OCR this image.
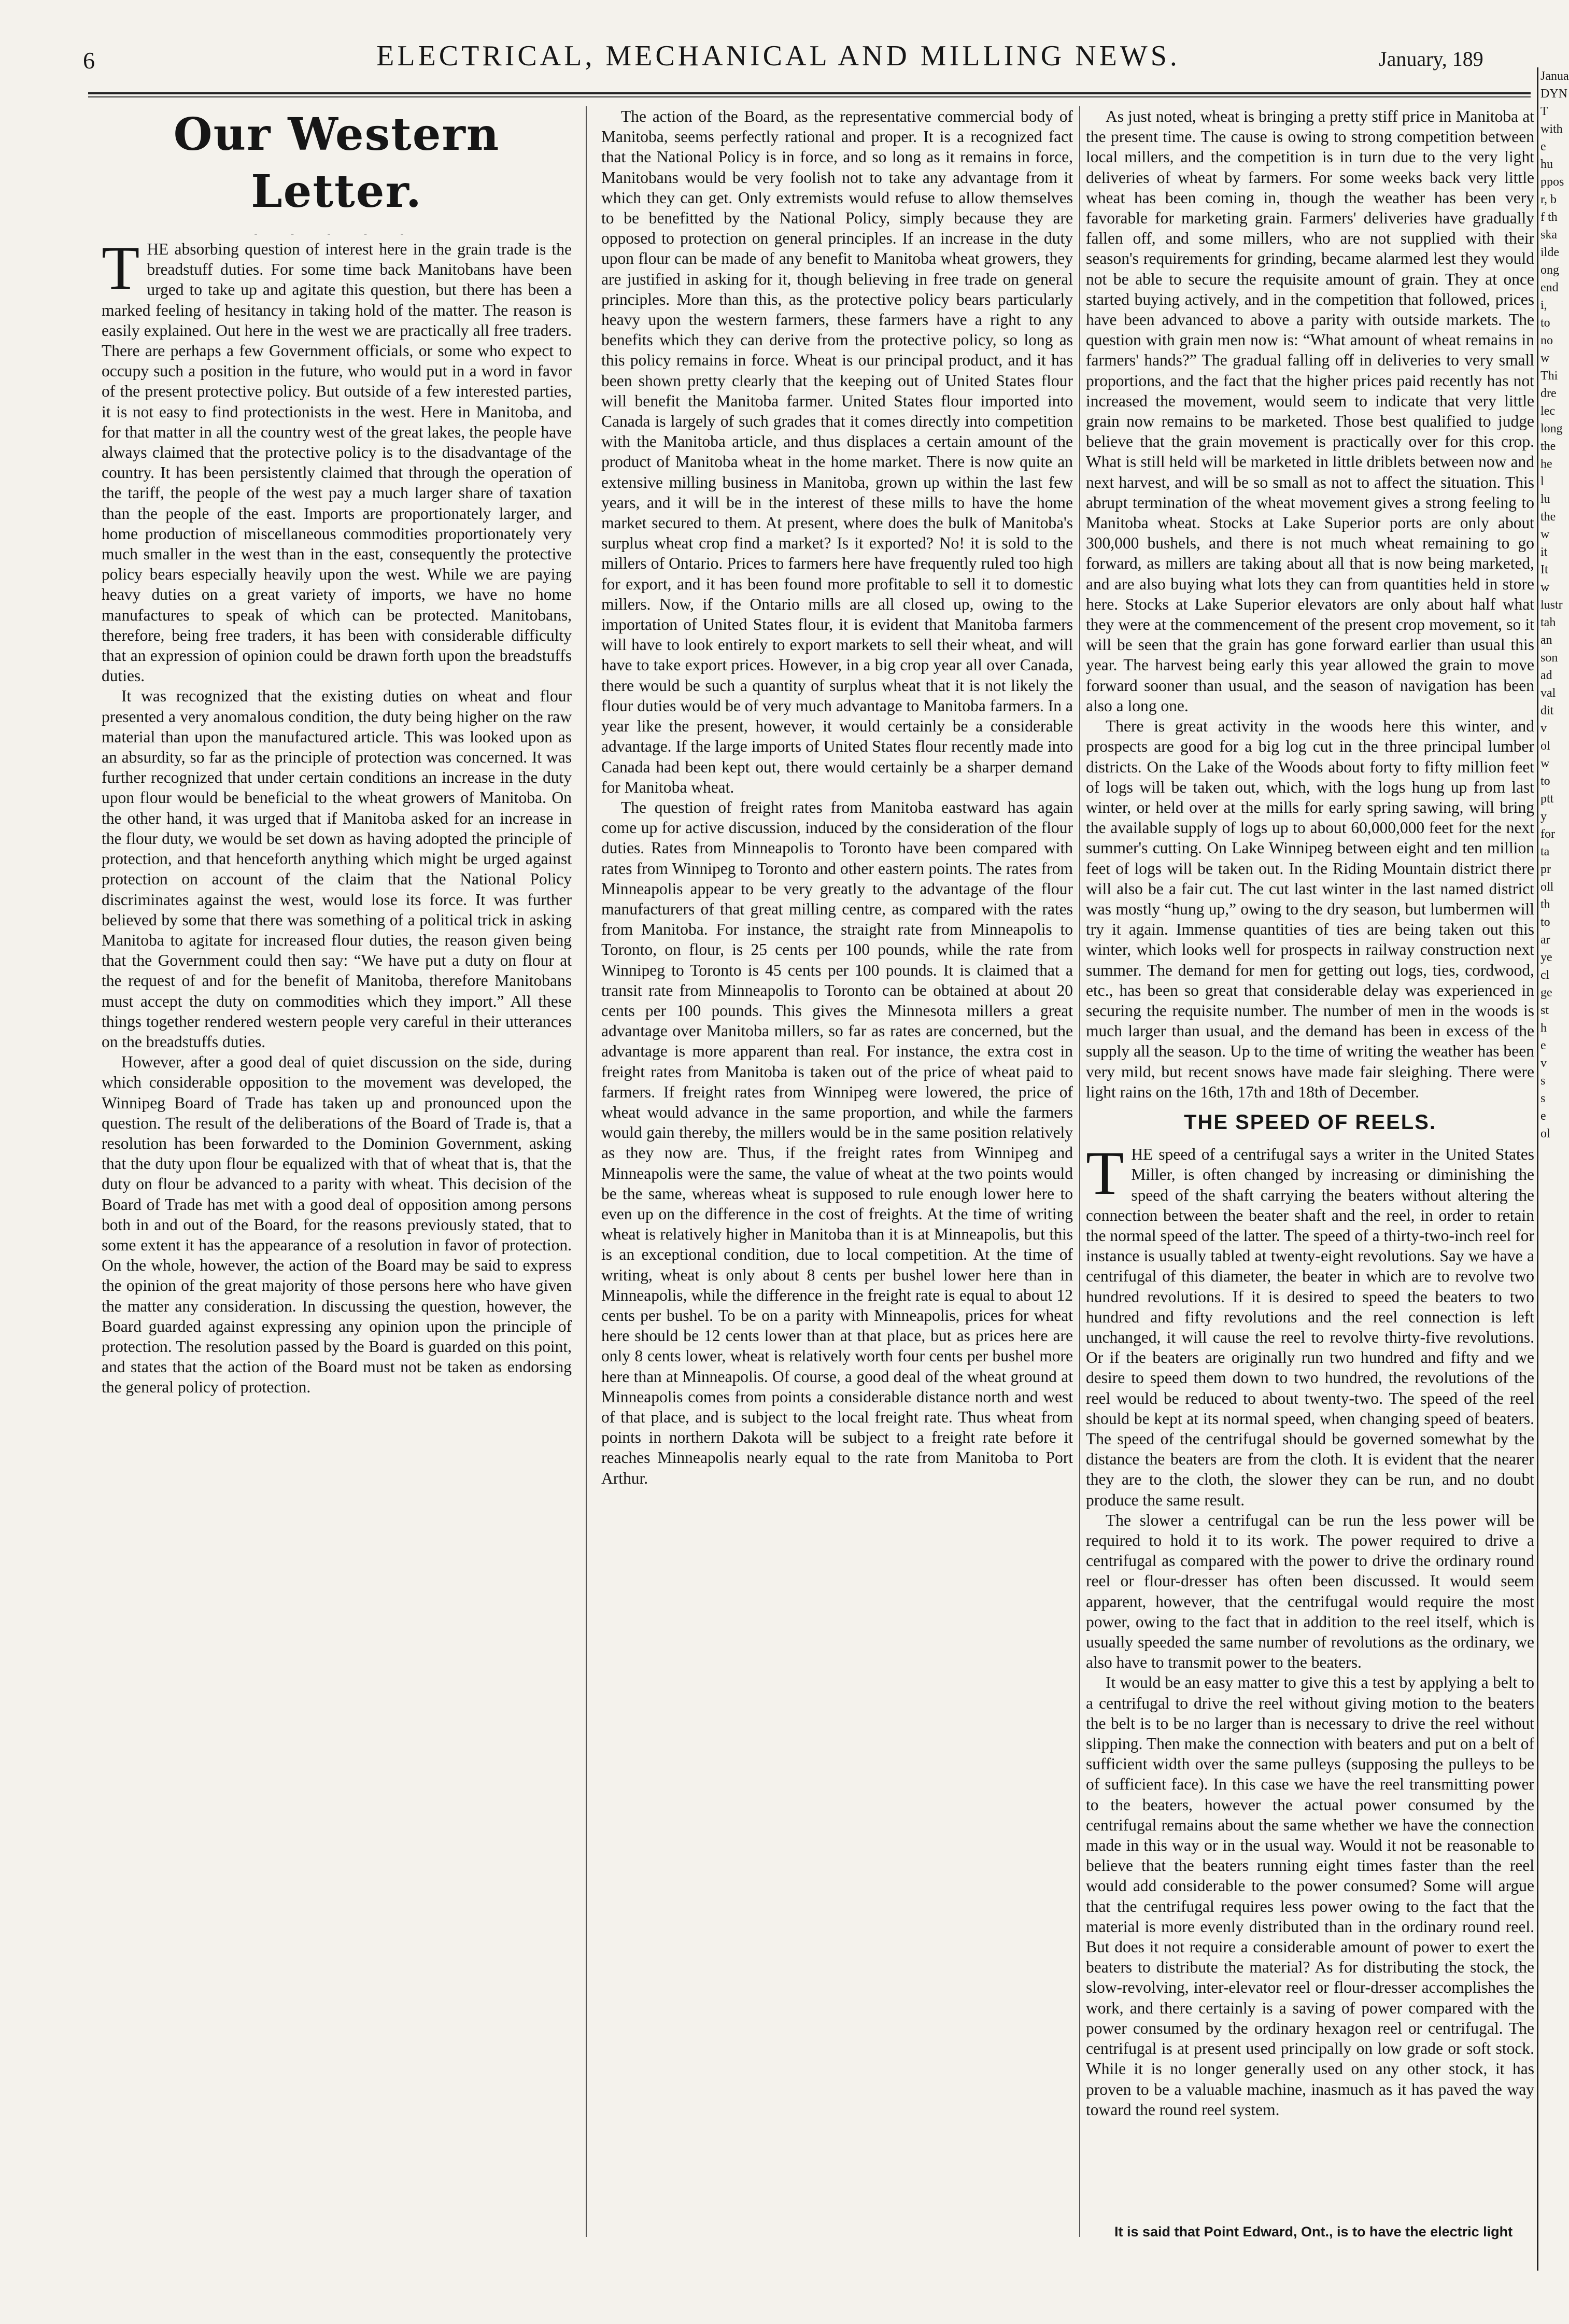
6	ELECTRICAL, MECHANICAL AND MILLING NEWS.	January, 189
Our Western Letter.
- - - - -

THE absorbing question of interest here in the grain trade is the breadstuff duties. For some time back Manitobans have been urged to take up and agitate this question, but there has been a marked feeling of hesitancy in taking hold of the matter. The reason is easily explained. Out here in the west we are practically all free traders. There are perhaps a few Government officials, or some who expect to occupy such a position in the future, who would put in a word in favor of the present protective policy. But outside of a few interested parties, it is not easy to find protectionists in the west. Here in Manitoba, and for that matter in all the country west of the great lakes, the people have always claimed that the protective policy is to the disadvantage of the country. It has been persistently claimed that through the operation of the tariff, the people of the west pay a much larger share of taxation than the people of the east. Imports are proportionately larger, and home production of miscellaneous commodities proportionately very much smaller in the west than in the east, consequently the protective policy bears especially heavily upon the west. While we are paying heavy duties on a great variety of imports, we have no home manufactures to speak of which can be protected. Manitobans, therefore, being free traders, it has been with considerable difficulty that an expression of opinion could be drawn forth upon the breadstuffs duties.

It was recognized that the existing duties on wheat and flour presented a very anomalous condition, the duty being higher on the raw material than upon the manufactured article. This was looked upon as an absurdity, so far as the principle of protection was concerned. It was further recognized that under certain conditions an increase in the duty upon flour would be beneficial to the wheat growers of Manitoba. On the other hand, it was urged that if Manitoba asked for an increase in the flour duty, we would be set down as having adopted the principle of protection, and that henceforth anything which might be urged against protection on account of the claim that the National Policy discriminates against the west, would lose its force. It was further believed by some that there was something of a political trick in asking Manitoba to agitate for increased flour duties, the reason given being that the Government could then say: “We have put a duty on flour at the request of and for the benefit of Manitoba, therefore Manitobans must accept the duty on commodities which they import.” All these things together rendered western people very careful in their utterances on the breadstuffs duties.

However, after a good deal of quiet discussion on the side, during which considerable opposition to the movement was developed, the Winnipeg Board of Trade has taken up and pronounced upon the question. The result of the deliberations of the Board of Trade is, that a resolution has been forwarded to the Dominion Government, asking that the duty upon flour be equalized with that of wheat that is, that the duty on flour be advanced to a parity with wheat. This decision of the Board of Trade has met with a good deal of opposition among persons both in and out of the Board, for the reasons previously stated, that to some extent it has the appearance of a resolution in favor of protection. On the whole, however, the action of the Board may be said to express the opinion of the great majority of those persons here who have given the matter any consideration. In discussing the question, however, the Board guarded against expressing any opinion upon the principle of protection. The resolution passed by the Board is guarded on this point, and states that the action of the Board must not be taken as endorsing the general policy of protection.

The action of the Board, as the representative commercial body of Manitoba, seems perfectly rational and proper. It is a recognized fact that the National Policy is in force, and so long as it remains in force, Manitobans would be very foolish not to take any advantage from it which they can get. Only extremists would refuse to allow themselves to be benefitted by the National Policy, simply because they are opposed to protection on general principles. If an increase in the duty upon flour can be made of any benefit to Manitoba wheat growers, they are justified in asking for it, though believing in free trade on general principles. More than this, as the protective policy bears particularly heavy upon the western farmers, these farmers have a right to any benefits which they can derive from the protective policy, so long as this policy remains in force. Wheat is our principal product, and it has been shown pretty clearly that the keeping out of United States flour will benefit the Manitoba farmer. United States flour imported into Canada is largely of such grades that it comes directly into competition with the Manitoba article, and thus displaces a certain amount of the product of Manitoba wheat in the home market. There is now quite an extensive milling business in Manitoba, grown up within the last few years, and it will be in the interest of these mills to have the home market secured to them. At present, where does the bulk of Manitoba's surplus wheat crop find a market? Is it exported? No! it is sold to the millers of Ontario. Prices to farmers here have frequently ruled too high for export, and it has been found more profitable to sell it to domestic millers. Now, if the Ontario mills are all closed up, owing to the importation of United States flour, it is evident that Manitoba farmers will have to look entirely to export markets to sell their wheat, and will have to take export prices. However, in a big crop year all over Canada, there would be such a quantity of surplus wheat that it is not likely the flour duties would be of very much advantage to Manitoba farmers. In a year like the present, however, it would certainly be a considerable advantage. If the large imports of United States flour recently made into Canada had been kept out, there would certainly be a sharper demand for Manitoba wheat.

The question of freight rates from Manitoba eastward has again come up for active discussion, induced by the consideration of the flour duties. Rates from Minneapolis to Toronto have been compared with rates from Winnipeg to Toronto and other eastern points. The rates from Minneapolis appear to be very greatly to the advantage of the flour manufacturers of that great milling centre, as compared with the rates from Manitoba. For instance, the straight rate from Minneapolis to Toronto, on flour, is 25 cents per 100 pounds, while the rate from Winnipeg to Toronto is 45 cents per 100 pounds. It is claimed that a transit rate from Minneapolis to Toronto can be obtained at about 20 cents per 100 pounds. This gives the Minnesota millers a great advantage over Manitoba millers, so far as rates are concerned, but the advantage is more apparent than real. For instance, the extra cost in freight rates from Manitoba is taken out of the price of wheat paid to farmers. If freight rates from Winnipeg were lowered, the price of wheat would advance in the same proportion, and while the farmers would gain thereby, the millers would be in the same position relatively as they now are. Thus, if the freight rates from Winnipeg and Minneapolis were the same, the value of wheat at the two points would be the same, whereas wheat is supposed to rule enough lower here to even up on the difference in the cost of freights. At the time of writing wheat is relatively higher in Manitoba than it is at Minneapolis, but this is an exceptional condition, due to local competition. At the time of writing, wheat is only about 8 cents per bushel lower here than in Minneapolis, while the difference in the freight rate is equal to about 12 cents per bushel. To be on a parity with Minneapolis, prices for wheat here should be 12 cents lower than at that place, but as prices here are only 8 cents lower, wheat is relatively worth four cents per bushel more here than at Minneapolis. Of course, a good deal of the wheat ground at Minneapolis comes from points a considerable distance north and west of that place, and is subject to the local freight rate. Thus wheat from points in northern Dakota will be subject to a freight rate before it reaches Minneapolis nearly equal to the rate from Manitoba to Port Arthur.

As just noted, wheat is bringing a pretty stiff price in Manitoba at the present time. The cause is owing to strong competition between local millers, and the competition is in turn due to the very light deliveries of wheat by farmers. For some weeks back very little wheat has been coming in, though the weather has been very favorable for marketing grain. Farmers' deliveries have gradually fallen off, and some millers, who are not supplied with their season's requirements for grinding, became alarmed lest they would not be able to secure the requisite amount of grain. They at once started buying actively, and in the competition that followed, prices have been advanced to above a parity with outside markets. The question with grain men now is: “What amount of wheat remains in farmers' hands?” The gradual falling off in deliveries to very small proportions, and the fact that the higher prices paid recently has not increased the movement, would seem to indicate that very little grain now remains to be marketed. Those best qualified to judge believe that the grain movement is practically over for this crop. What is still held will be marketed in little driblets between now and next harvest, and will be so small as not to affect the situation. This abrupt termination of the wheat movement gives a strong feeling to Manitoba wheat. Stocks at Lake Superior ports are only about 300,000 bushels, and there is not much wheat remaining to go forward, as millers are taking about all that is now being marketed, and are also buying what lots they can from quantities held in store here. Stocks at Lake Superior elevators are only about half what they were at the commencement of the present crop movement, so it will be seen that the grain has gone forward earlier than usual this year. The harvest being early this year allowed the grain to move forward sooner than usual, and the season of navigation has been also a long one.

There is great activity in the woods here this winter, and prospects are good for a big log cut in the three principal lumber districts. On the Lake of the Woods about forty to fifty million feet of logs will be taken out, which, with the logs hung up from last winter, or held over at the mills for early spring sawing, will bring the available supply of logs up to about 60,000,000 feet for the next summer's cutting. On Lake Winnipeg between eight and ten million feet of logs will be taken out. In the Riding Mountain district there will also be a fair cut. The cut last winter in the last named district was mostly “hung up,” owing to the dry season, but lumbermen will try it again. Immense quantities of ties are being taken out this winter, which looks well for prospects in railway construction next summer. The demand for men for getting out logs, ties, cordwood, etc., has been so great that considerable delay was experienced in securing the requisite number. The number of men in the woods is much larger than usual, and the demand has been in excess of the supply all the season. Up to the time of writing the weather has been very mild, but recent snows have made fair sleighing. There were light rains on the 16th, 17th and 18th of December.

THE SPEED OF REELS.

THE speed of a centrifugal says a writer in the United States Miller, is often changed by increasing or diminishing the speed of the shaft carrying the beaters without altering the connection between the beater shaft and the reel, in order to retain the normal speed of the latter. The speed of a thirty-two-inch reel for instance is usually tabled at twenty-eight revolutions. Say we have a centrifugal of this diameter, the beater in which are to revolve two hundred revolutions. If it is desired to speed the beaters to two hundred and fifty revolutions and the reel connection is left unchanged, it will cause the reel to revolve thirty-five revolutions. Or if the beaters are originally run two hundred and fifty and we desire to speed them down to two hundred, the revolutions of the reel would be reduced to about twenty-two. The speed of the reel should be kept at its normal speed, when changing speed of beaters. The speed of the centrifugal should be governed somewhat by the distance the beaters are from the cloth. It is evident that the nearer they are to the cloth, the slower they can be run, and no doubt produce the same result.

The slower a centrifugal can be run the less power will be required to hold it to its work. The power required to drive a centrifugal as compared with the power to drive the ordinary round reel or flour-dresser has often been discussed. It would seem apparent, however, that the centrifugal would require the most power, owing to the fact that in addition to the reel itself, which is usually speeded the same number of revolutions as the ordinary, we also have to transmit power to the beaters.

It would be an easy matter to give this a test by applying a belt to a centrifugal to drive the reel without giving motion to the beaters the belt is to be no larger than is necessary to drive the reel without slipping. Then make the connection with beaters and put on a belt of sufficient width over the same pulleys (supposing the pulleys to be of sufficient face). In this case we have the reel transmitting power to the beaters, however the actual power consumed by the centrifugal remains about the same whether we have the connection made in this way or in the usual way. Would it not be reasonable to believe that the beaters running eight times faster than the reel would add considerable to the power consumed? Some will argue that the centrifugal requires less power owing to the fact that the material is more evenly distributed than in the ordinary round reel. But does it not require a considerable amount of power to exert the beaters to distribute the material? As for distributing the stock, the slow-revolving, inter-elevator reel or flour-dresser accomplishes the work, and there certainly is a saving of power compared with the power consumed by the ordinary hexagon reel or centrifugal. The centrifugal is at present used principally on low grade or soft stock. While it is no longer generally used on any other stock, it has proven to be a valuable machine, inasmuch as it has paved the way toward the round reel system.

It is said that Point Edward, Ont., is to have the electric light
Janua
DYN
T
with
e hu
ppos
r, b
f th
ska
ilde
ong
end
i, to
no
w
Thi
dre
lec
long
the
he l
lu
the
w
it
It w
lustr
tah
an
son
ad
val
dit
v
ol
w
to
ptt
y
for
ta
pr
oll
th
to
ar
ye
cl
ge
st
h
e
v
s
s
e
ol
